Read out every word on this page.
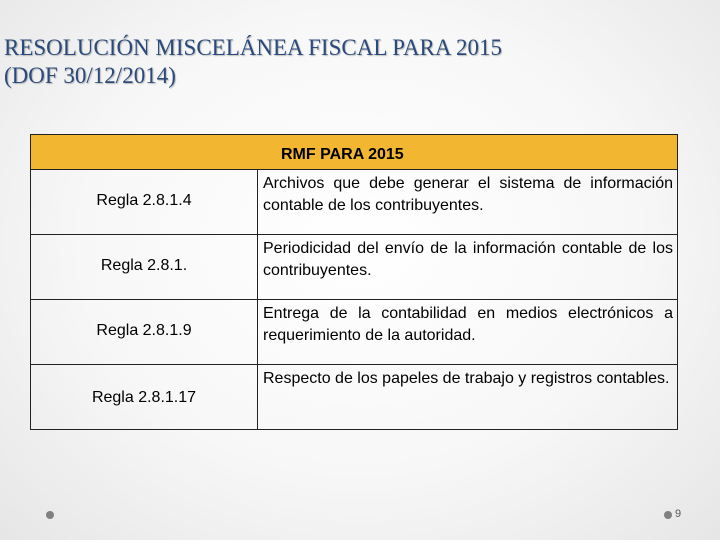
RESOLUCIÓN MISCELÁNEA FISCAL PARA 2015
(DOF 30/12/2014)
RMF PARA 2015	

Regla 2.8.1.4	Archivos que debe generar el sistema de información contable de los contribuyentes.

Regla 2.8.1.	Periodicidad del envío de la información contable de los contribuyentes.

Regla 2.8.1.9	Entrega de la contabilidad en medios electrónicos a requerimiento de la autoridad.

Regla 2.8.1.17	Respecto de los papeles de trabajo y registros contables.
9
